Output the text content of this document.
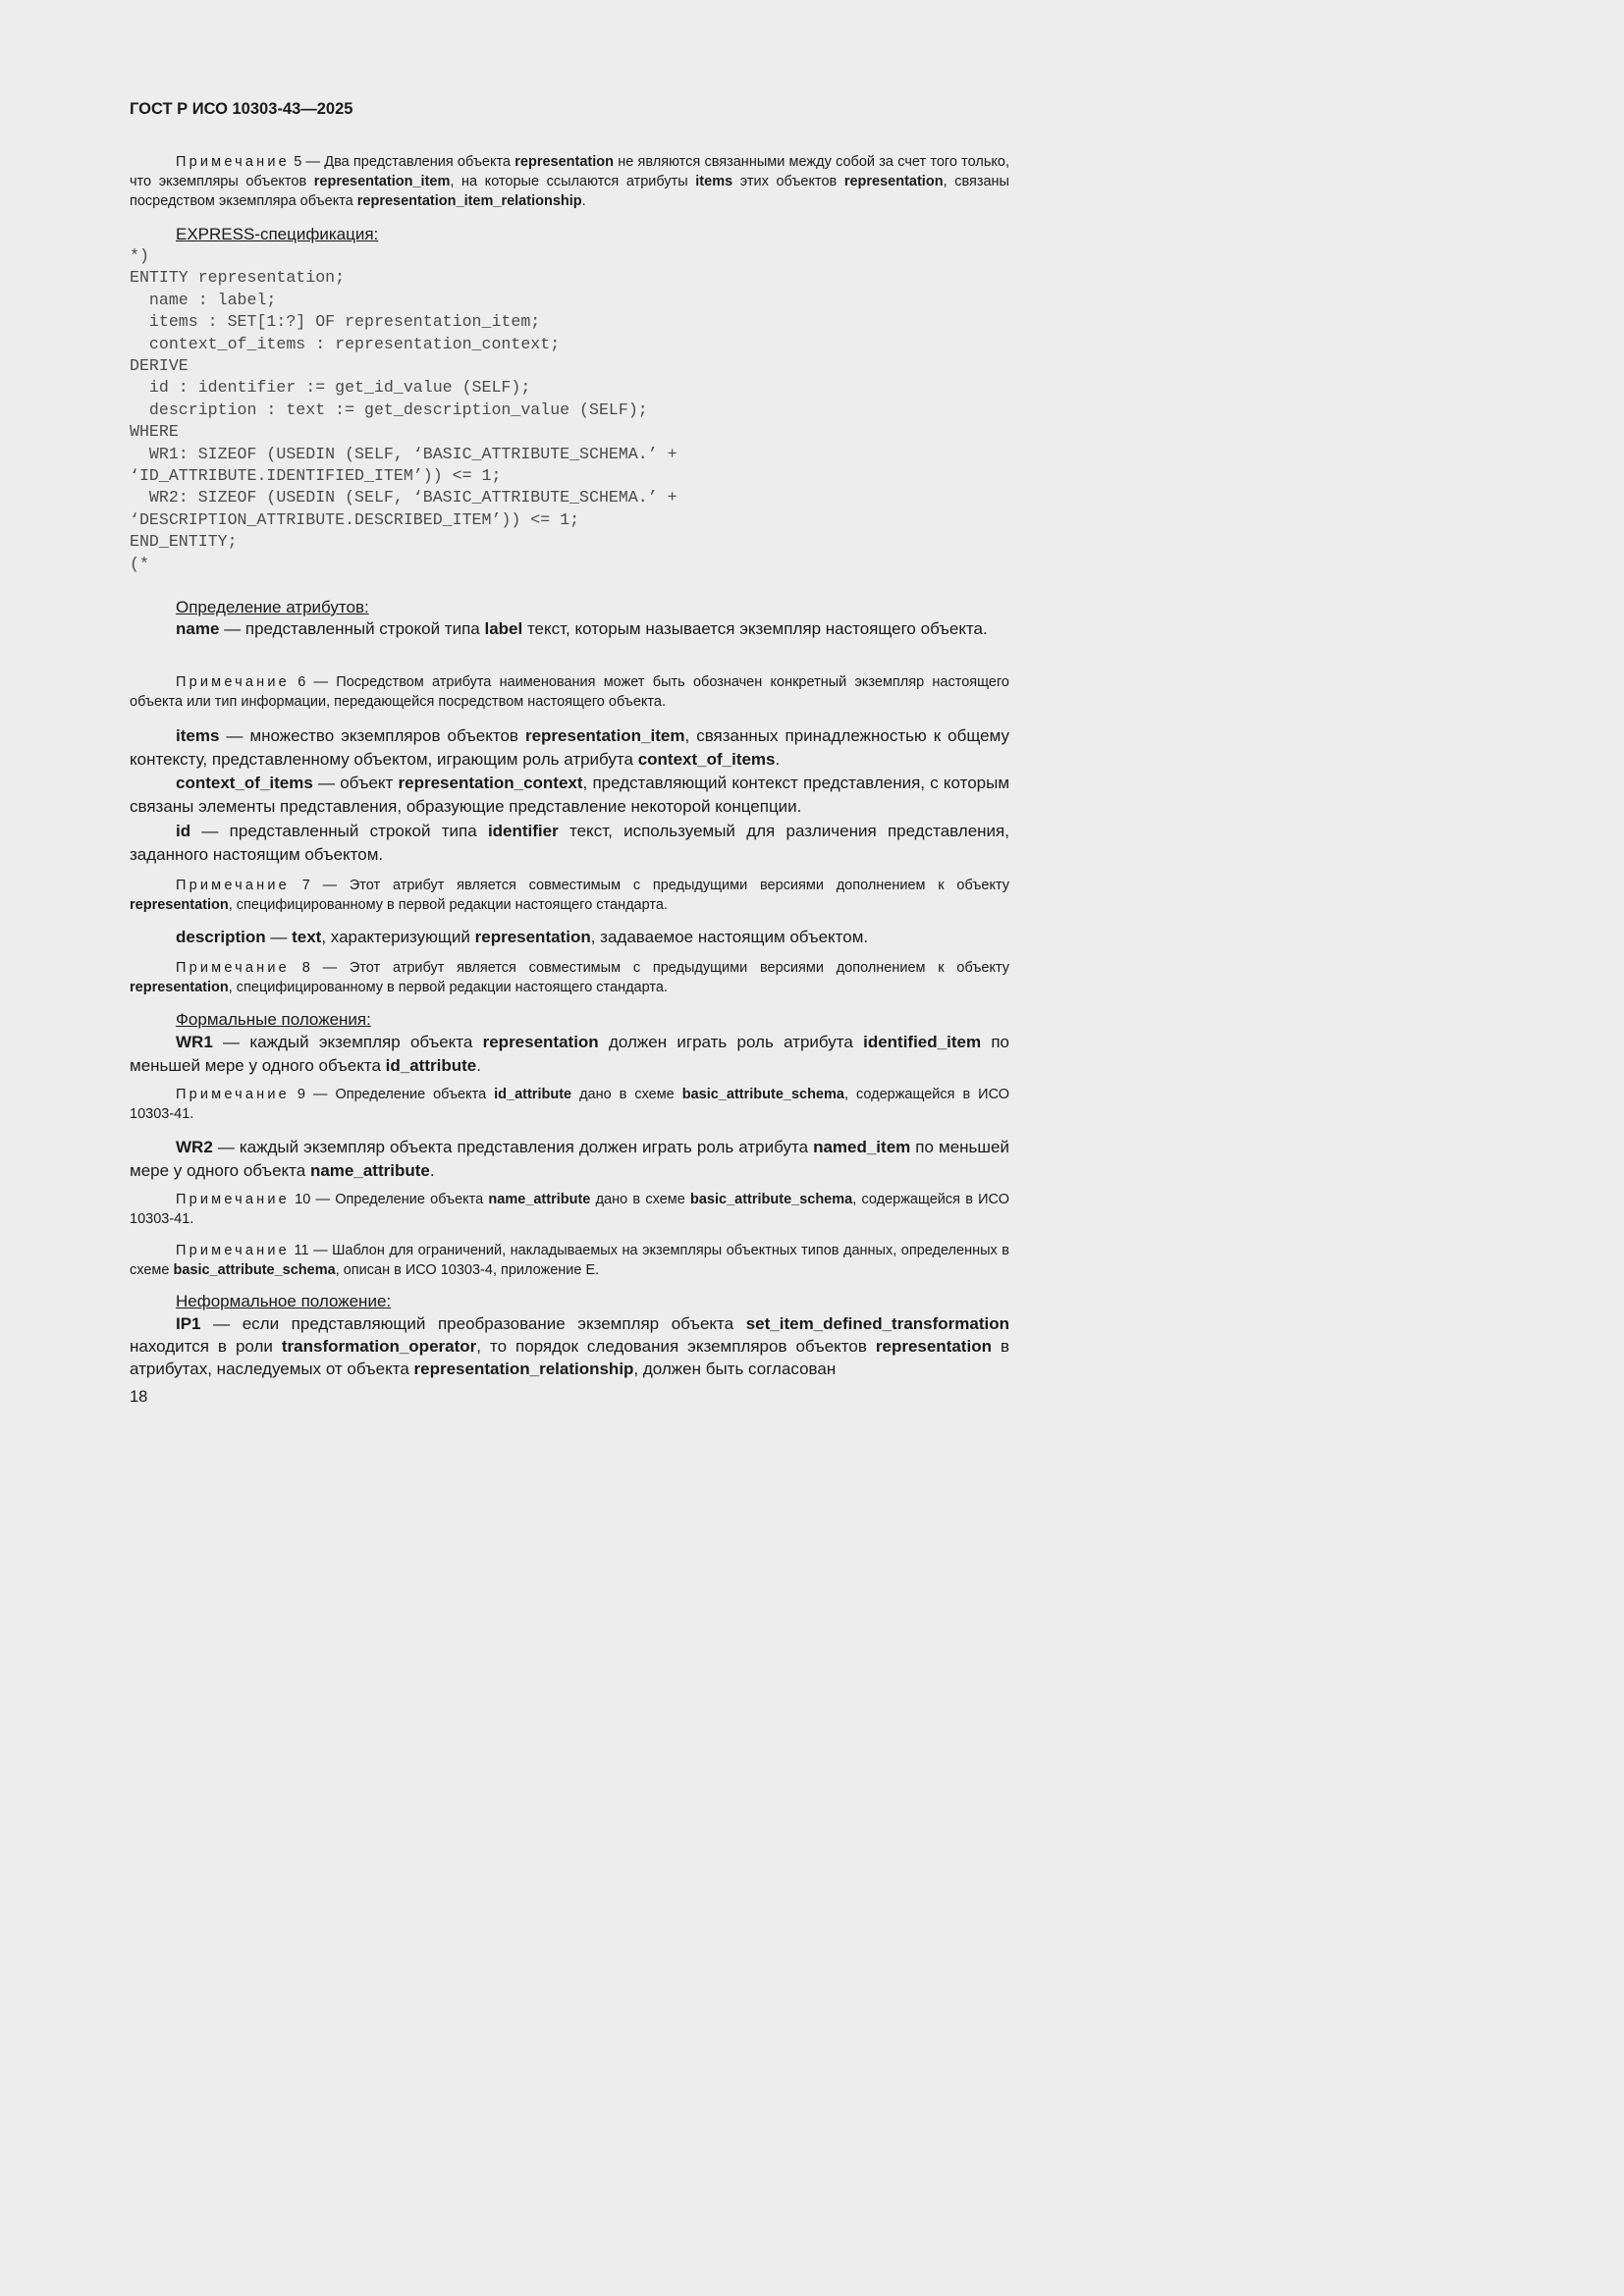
ГОСТ Р ИСО 10303-43—2025
Примечание 5 — Два представления объекта representation не являются связанными между собой за счет того только, что экземпляры объектов representation_item, на которые ссылаются атрибуты items этих объектов representation, связаны посредством экземпляра объекта representation_item_relationship.
EXPRESS-спецификация:
*)
ENTITY representation;
name : label;
items : SET[1:?] OF representation_item;
context_of_items : representation_context;
DERIVE
id : identifier := get_id_value (SELF);
description : text := get_description_value (SELF);
WHERE
WR1: SIZEOF (USEDIN (SELF, ‘BASIC_ATTRIBUTE_SCHEMA.’ +
‘ID_ATTRIBUTE.IDENTIFIED_ITEM’)) <= 1;
WR2: SIZEOF (USEDIN (SELF, ‘BASIC_ATTRIBUTE_SCHEMA.’ +
‘DESCRIPTION_ATTRIBUTE.DESCRIBED_ITEM’)) <= 1;
END_ENTITY;
(*
Определение атрибутов:
name — представленный строкой типа label текст, которым называется экземпляр настоящего объекта.
Примечание 6 — Посредством атрибута наименования может быть обозначен конкретный экземпляр настоящего объекта или тип информации, передающейся посредством настоящего объекта.
items — множество экземпляров объектов representation_item, связанных принадлежностью к общему контексту, представленному объектом, играющим роль атрибута context_of_items.
context_of_items — объект representation_context, представляющий контекст представления, с которым связаны элементы представления, образующие представление некоторой концепции.
id — представленный строкой типа identifier текст, используемый для различения представления, заданного настоящим объектом.
Примечание 7 — Этот атрибут является совместимым с предыдущими версиями дополнением к объекту representation, специфицированному в первой редакции настоящего стандарта.
description — text, характеризующий representation, задаваемое настоящим объектом.
Примечание 8 — Этот атрибут является совместимым с предыдущими версиями дополнением к объекту representation, специфицированному в первой редакции настоящего стандарта.
Формальные положения:
WR1 — каждый экземпляр объекта representation должен играть роль атрибута identified_item по меньшей мере у одного объекта id_attribute.
Примечание 9 — Определение объекта id_attribute дано в схеме basic_attribute_schema, содержащейся в ИСО 10303-41.
WR2 — каждый экземпляр объекта представления должен играть роль атрибута named_item по меньшей мере у одного объекта name_attribute.
Примечание 10 — Определение объекта name_attribute дано в схеме basic_attribute_schema, содержащейся в ИСО 10303-41.
Примечание 11 — Шаблон для ограничений, накладываемых на экземпляры объектных типов данных, определенных в схеме basic_attribute_schema, описан в ИСО 10303-4, приложение E.
Неформальное положение:
IP1 — если представляющий преобразование экземпляр объекта set_item_defined_transformation находится в роли transformation_operator, то порядок следования экземпляров объектов representation в атрибутах, наследуемых от объекта representation_relationship, должен быть согласован
18
